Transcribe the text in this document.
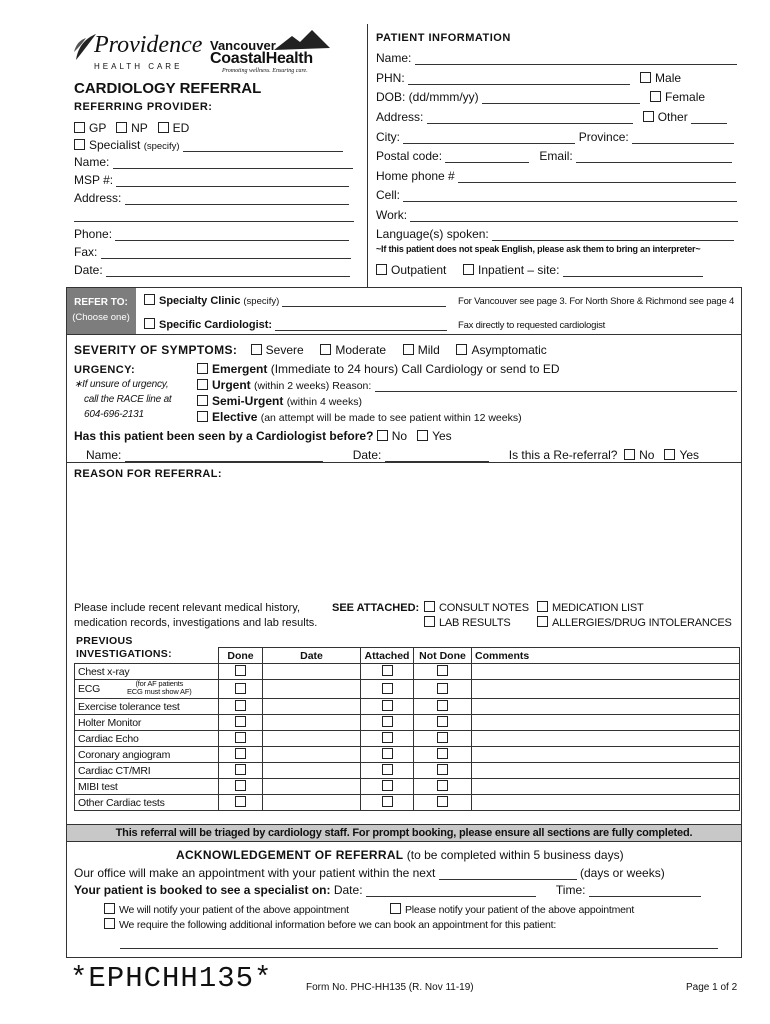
Providence
HEALTH CARE
Vancouver
CoastalHealth
Promoting wellness. Ensuring care.
CARDIOLOGY REFERRAL
REFERRING PROVIDER:
GP NP ED
Specialist (specify)
Name:
MSP #:
Address:
Phone:
Fax:
Date:
PATIENT INFORMATION
Name:
PHN:	Male
DOB: (dd/mmm/yy)	Female
Address:	Other
City:	Province:
Postal code:	Email:
Home phone #
Cell:
Work:
Language(s) spoken:
~If this patient does not speak English, please ask them to bring an interpreter~
Outpatient	Inpatient – site:
REFER TO:
(Choose one)
Specialty Clinic (specify)	For Vancouver see page 3. For North Shore & Richmond see page 4
Specific Cardiologist:	Fax directly to requested cardiologist
SEVERITY OF SYMPTOMS: Severe	Moderate	Mild	Asymptomatic
URGENCY:
∗If unsure of urgency,
call the RACE line at
604-696-2131
Emergent (Immediate to 24 hours) Call Cardiology or send to ED
Urgent (within 2 weeks) Reason:
Semi-Urgent (within 4 weeks)
Elective (an attempt will be made to see patient within 12 weeks)
Has this patient been seen by a Cardiologist before? No Yes
Name:	Date:	Is this a Re-referral? No Yes
REASON FOR REFERRAL:
Please include recent relevant medical history,
medication records, investigations and lab results.
SEE ATTACHED:	CONSULT NOTES	MEDICATION LIST
LAB RESULTS	ALLERGIES/DRUG INTOLERANCES
PREVIOUS
INVESTIGATIONS:
		Done	Date	Attached	Not Done	Comments
Chest x-ray					
ECG (for AF patients
ECG must show AF)					

Exercise tolerance test					
Holter Monitor					
Cardiac Echo					
Coronary angiogram					
Cardiac CT/MRI					
MIBI test					
Other Cardiac tests					
This referral will be triaged by cardiology staff. For prompt booking, please ensure all sections are fully completed.
ACKNOWLEDGEMENT OF REFERRAL (to be completed within 5 business days)
Our office will make an appointment with your patient within the next	(days or weeks)
Your patient is booked to see a specialist on: Date:	Time:
We will notify your patient of the above appointment	Please notify your patient of the above appointment
We require the following additional information before we can book an appointment for this patient:
*EPHCHH135*	Form No. PHC-HH135 (R. Nov 11-19)	Page 1 of 2
